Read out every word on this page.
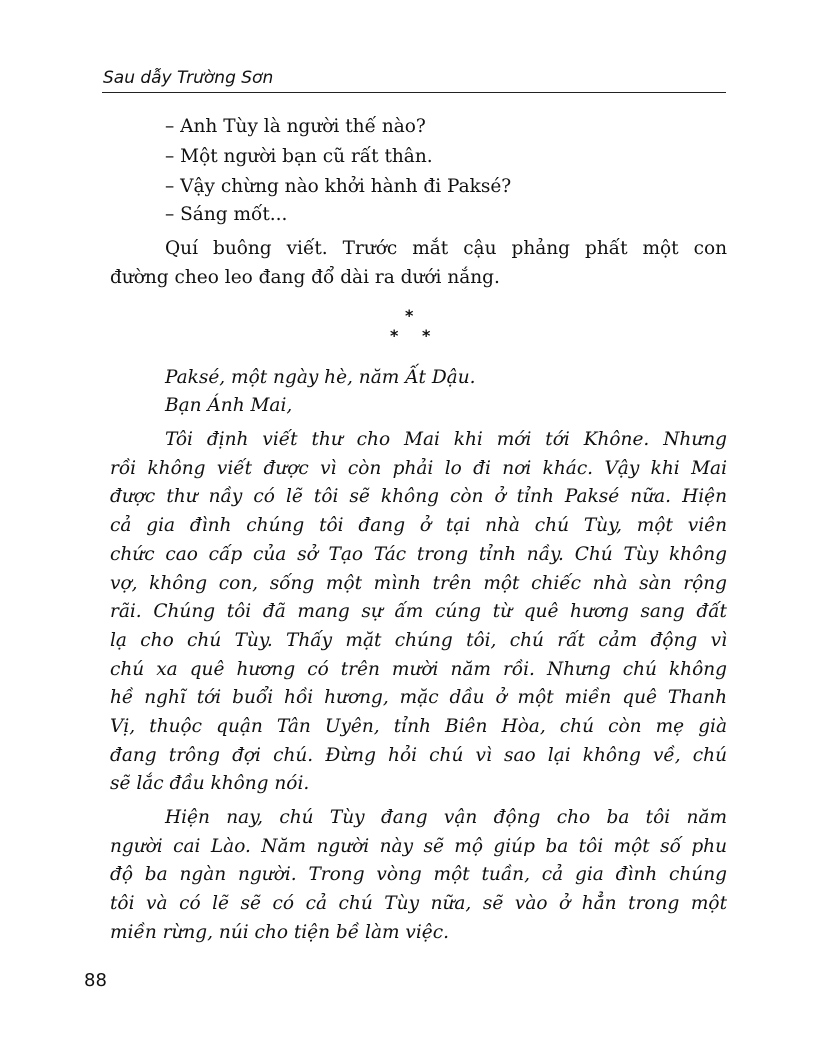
Sau dẫy Trường Sơn
– Anh Tùy là người thế nào?
– Một người bạn cũ rất thân.
– Vậy chừng nào khởi hành đi Paksé?
– Sáng mốt...
Quí buông viết. Trước mắt cậu phảng phất một con
đường cheo leo đang đổ dài ra dưới nắng.
*
* *
Paksé, một ngày hè, năm Ất Dậu.
Bạn Ánh Mai,
Tôi định viết thư cho Mai khi mới tới Khône. Nhưng
rồi không viết được vì còn phải lo đi nơi khác. Vậy khi Mai
được thư nầy có lẽ tôi sẽ không còn ở tỉnh Paksé nữa. Hiện
cả gia đình chúng tôi đang ở tại nhà chú Tùy, một viên
chức cao cấp của sở Tạo Tác trong tỉnh nầy. Chú Tùy không
vợ, không con, sống một mình trên một chiếc nhà sàn rộng
rãi. Chúng tôi đã mang sự ấm cúng từ quê hương sang đất
lạ cho chú Tùy. Thấy mặt chúng tôi, chú rất cảm động vì
chú xa quê hương có trên mười năm rồi. Nhưng chú không
hề nghĩ tới buổi hồi hương, mặc dầu ở một miền quê Thanh
Vị, thuộc quận Tân Uyên, tỉnh Biên Hòa, chú còn mẹ già
đang trông đợi chú. Đừng hỏi chú vì sao lại không về, chú
sẽ lắc đầu không nói.
Hiện nay, chú Tùy đang vận động cho ba tôi năm
người cai Lào. Năm người này sẽ mộ giúp ba tôi một số phu
độ ba ngàn người. Trong vòng một tuần, cả gia đình chúng
tôi và có lẽ sẽ có cả chú Tùy nữa, sẽ vào ở hẳn trong một
miền rừng, núi cho tiện bề làm việc.
88
